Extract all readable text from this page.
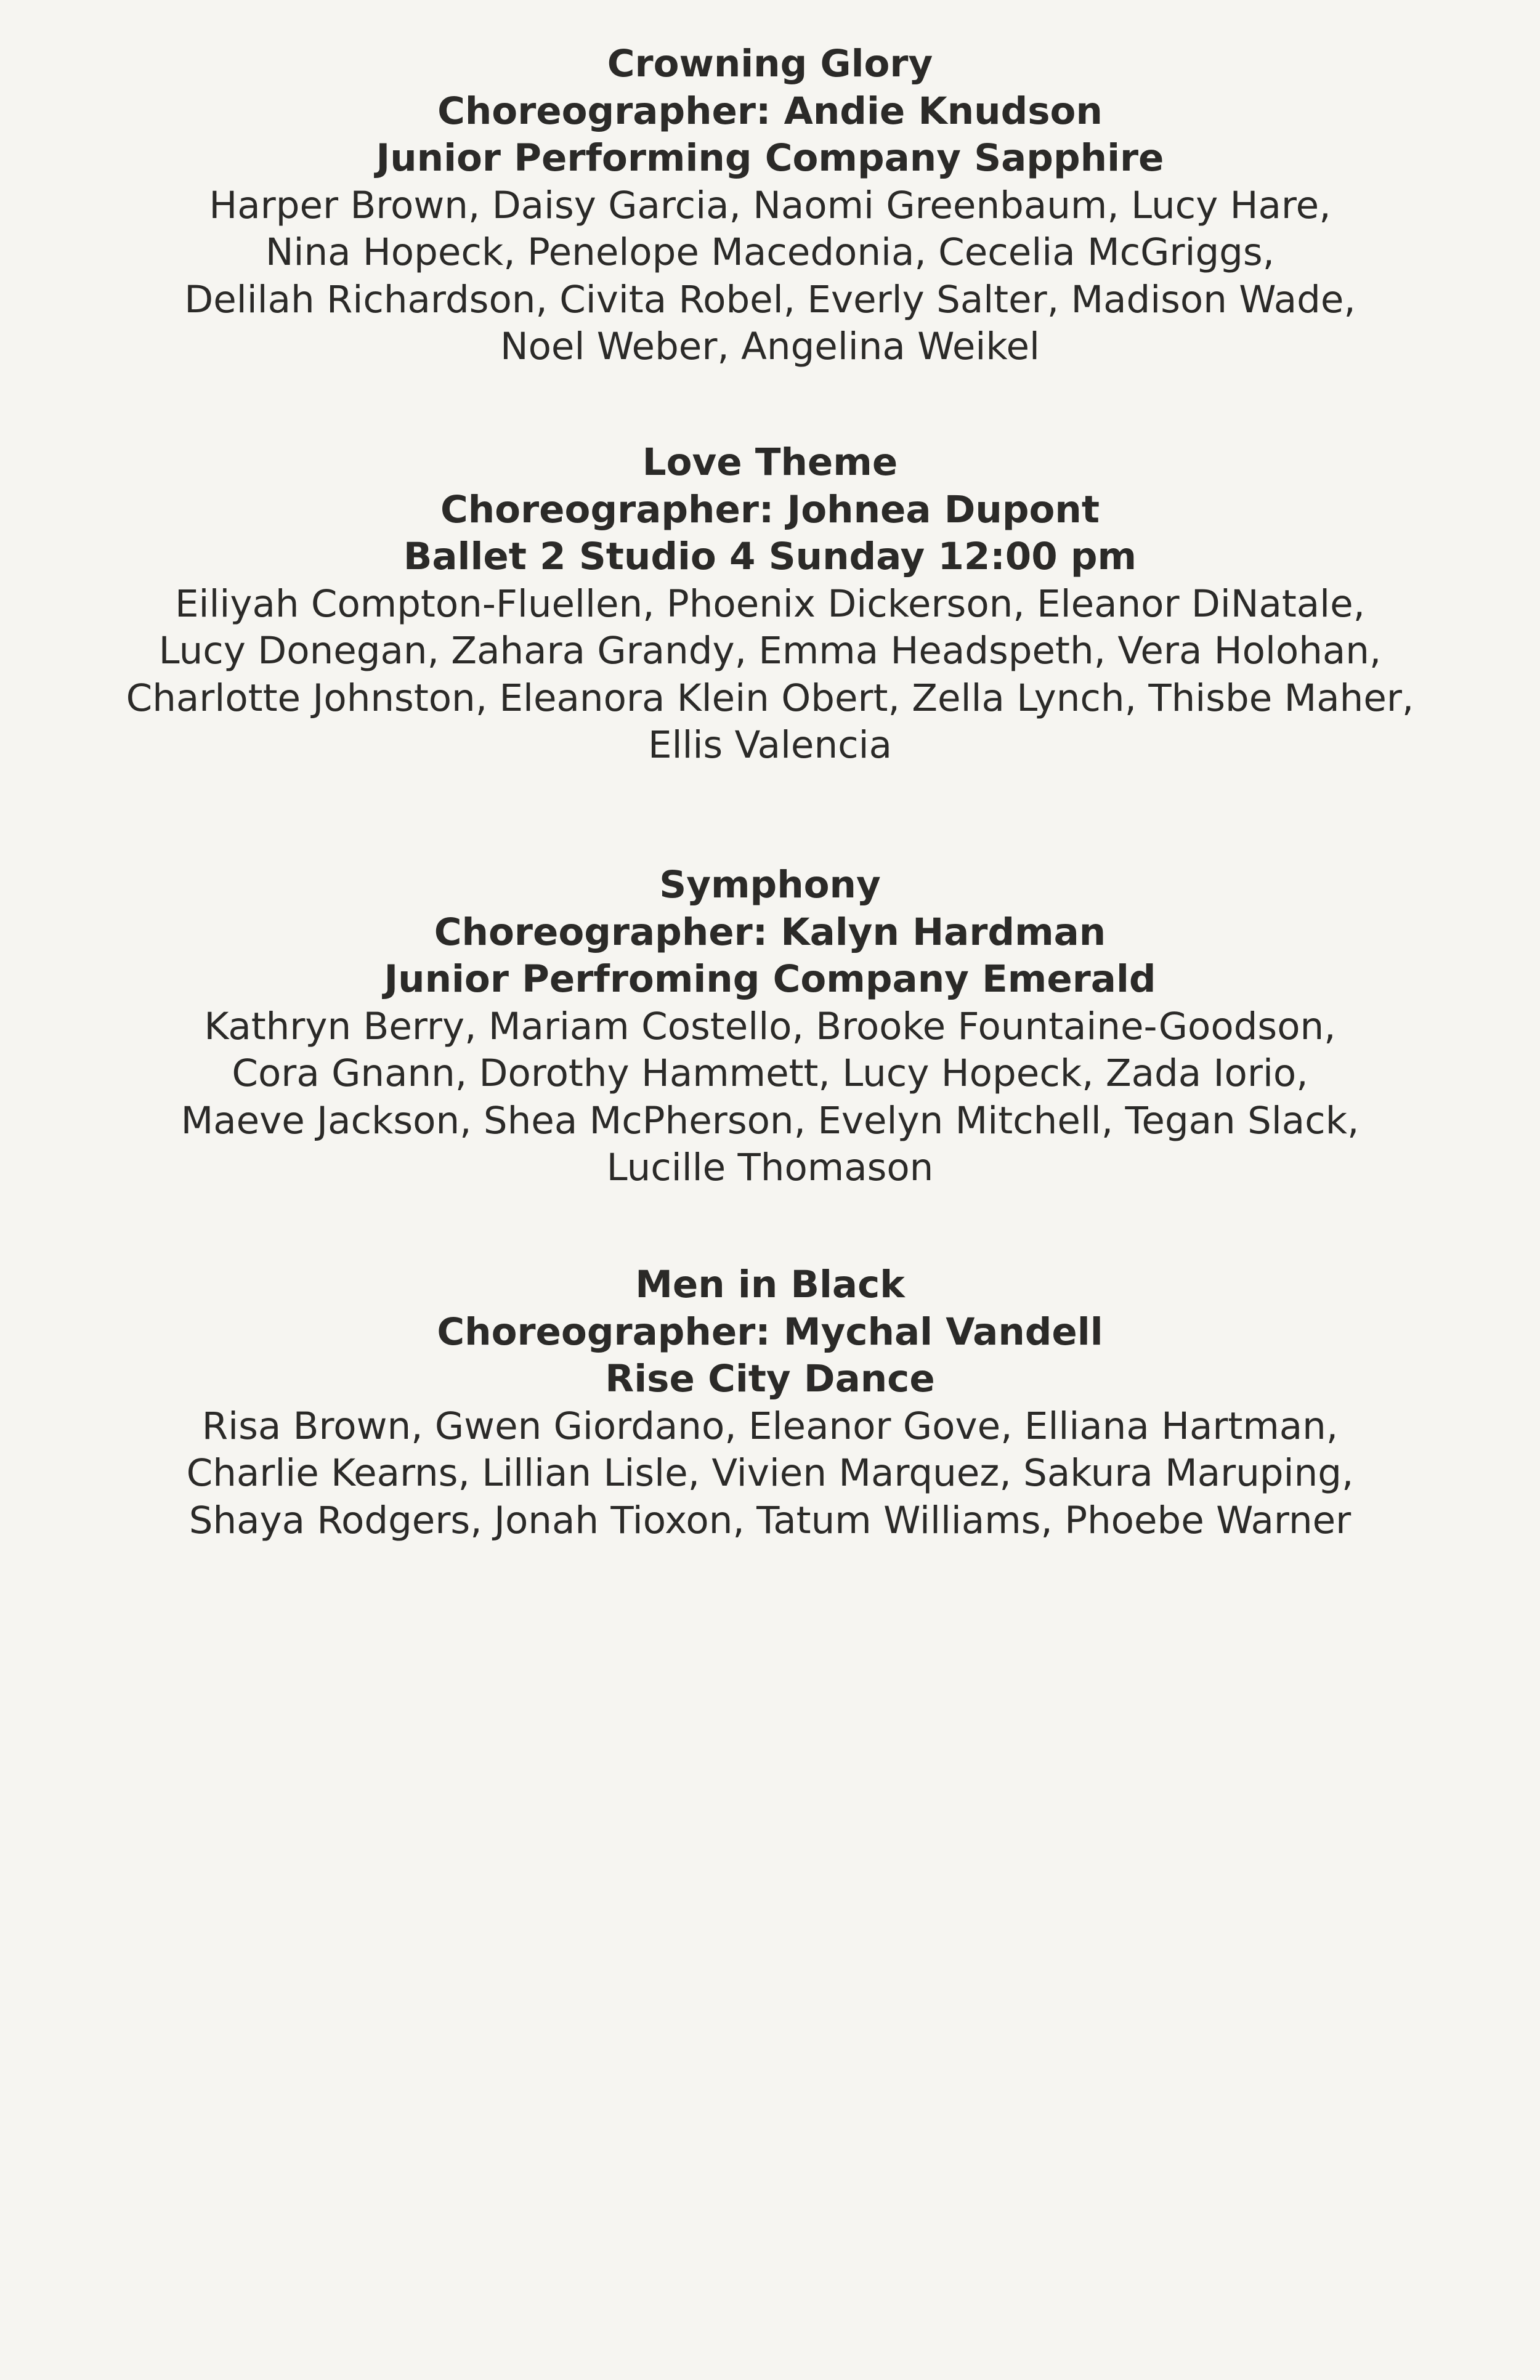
Crowning Glory
Choreographer: Andie Knudson
Junior Performing Company Sapphire
Harper Brown, Daisy Garcia, Naomi Greenbaum, Lucy Hare,
Nina Hopeck, Penelope Macedonia, Cecelia McGriggs,
Delilah Richardson, Civita Robel, Everly Salter, Madison Wade,
Noel Weber, Angelina Weikel
Love Theme
Choreographer: Johnea Dupont
Ballet 2 Studio 4 Sunday 12:00 pm
Eiliyah Compton-Fluellen, Phoenix Dickerson, Eleanor DiNatale,
Lucy Donegan, Zahara Grandy, Emma Headspeth, Vera Holohan,
Charlotte Johnston, Eleanora Klein Obert, Zella Lynch, Thisbe Maher,
Ellis Valencia
Symphony
Choreographer: Kalyn Hardman
Junior Perfroming Company Emerald
Kathryn Berry, Mariam Costello, Brooke Fountaine-Goodson,
Cora Gnann, Dorothy Hammett, Lucy Hopeck, Zada Iorio,
Maeve Jackson, Shea McPherson, Evelyn Mitchell, Tegan Slack,
Lucille Thomason
Men in Black
Choreographer: Mychal Vandell
Rise City Dance
Risa Brown, Gwen Giordano, Eleanor Gove, Elliana Hartman,
Charlie Kearns, Lillian Lisle, Vivien Marquez, Sakura Maruping,
Shaya Rodgers, Jonah Tioxon, Tatum Williams, Phoebe Warner
